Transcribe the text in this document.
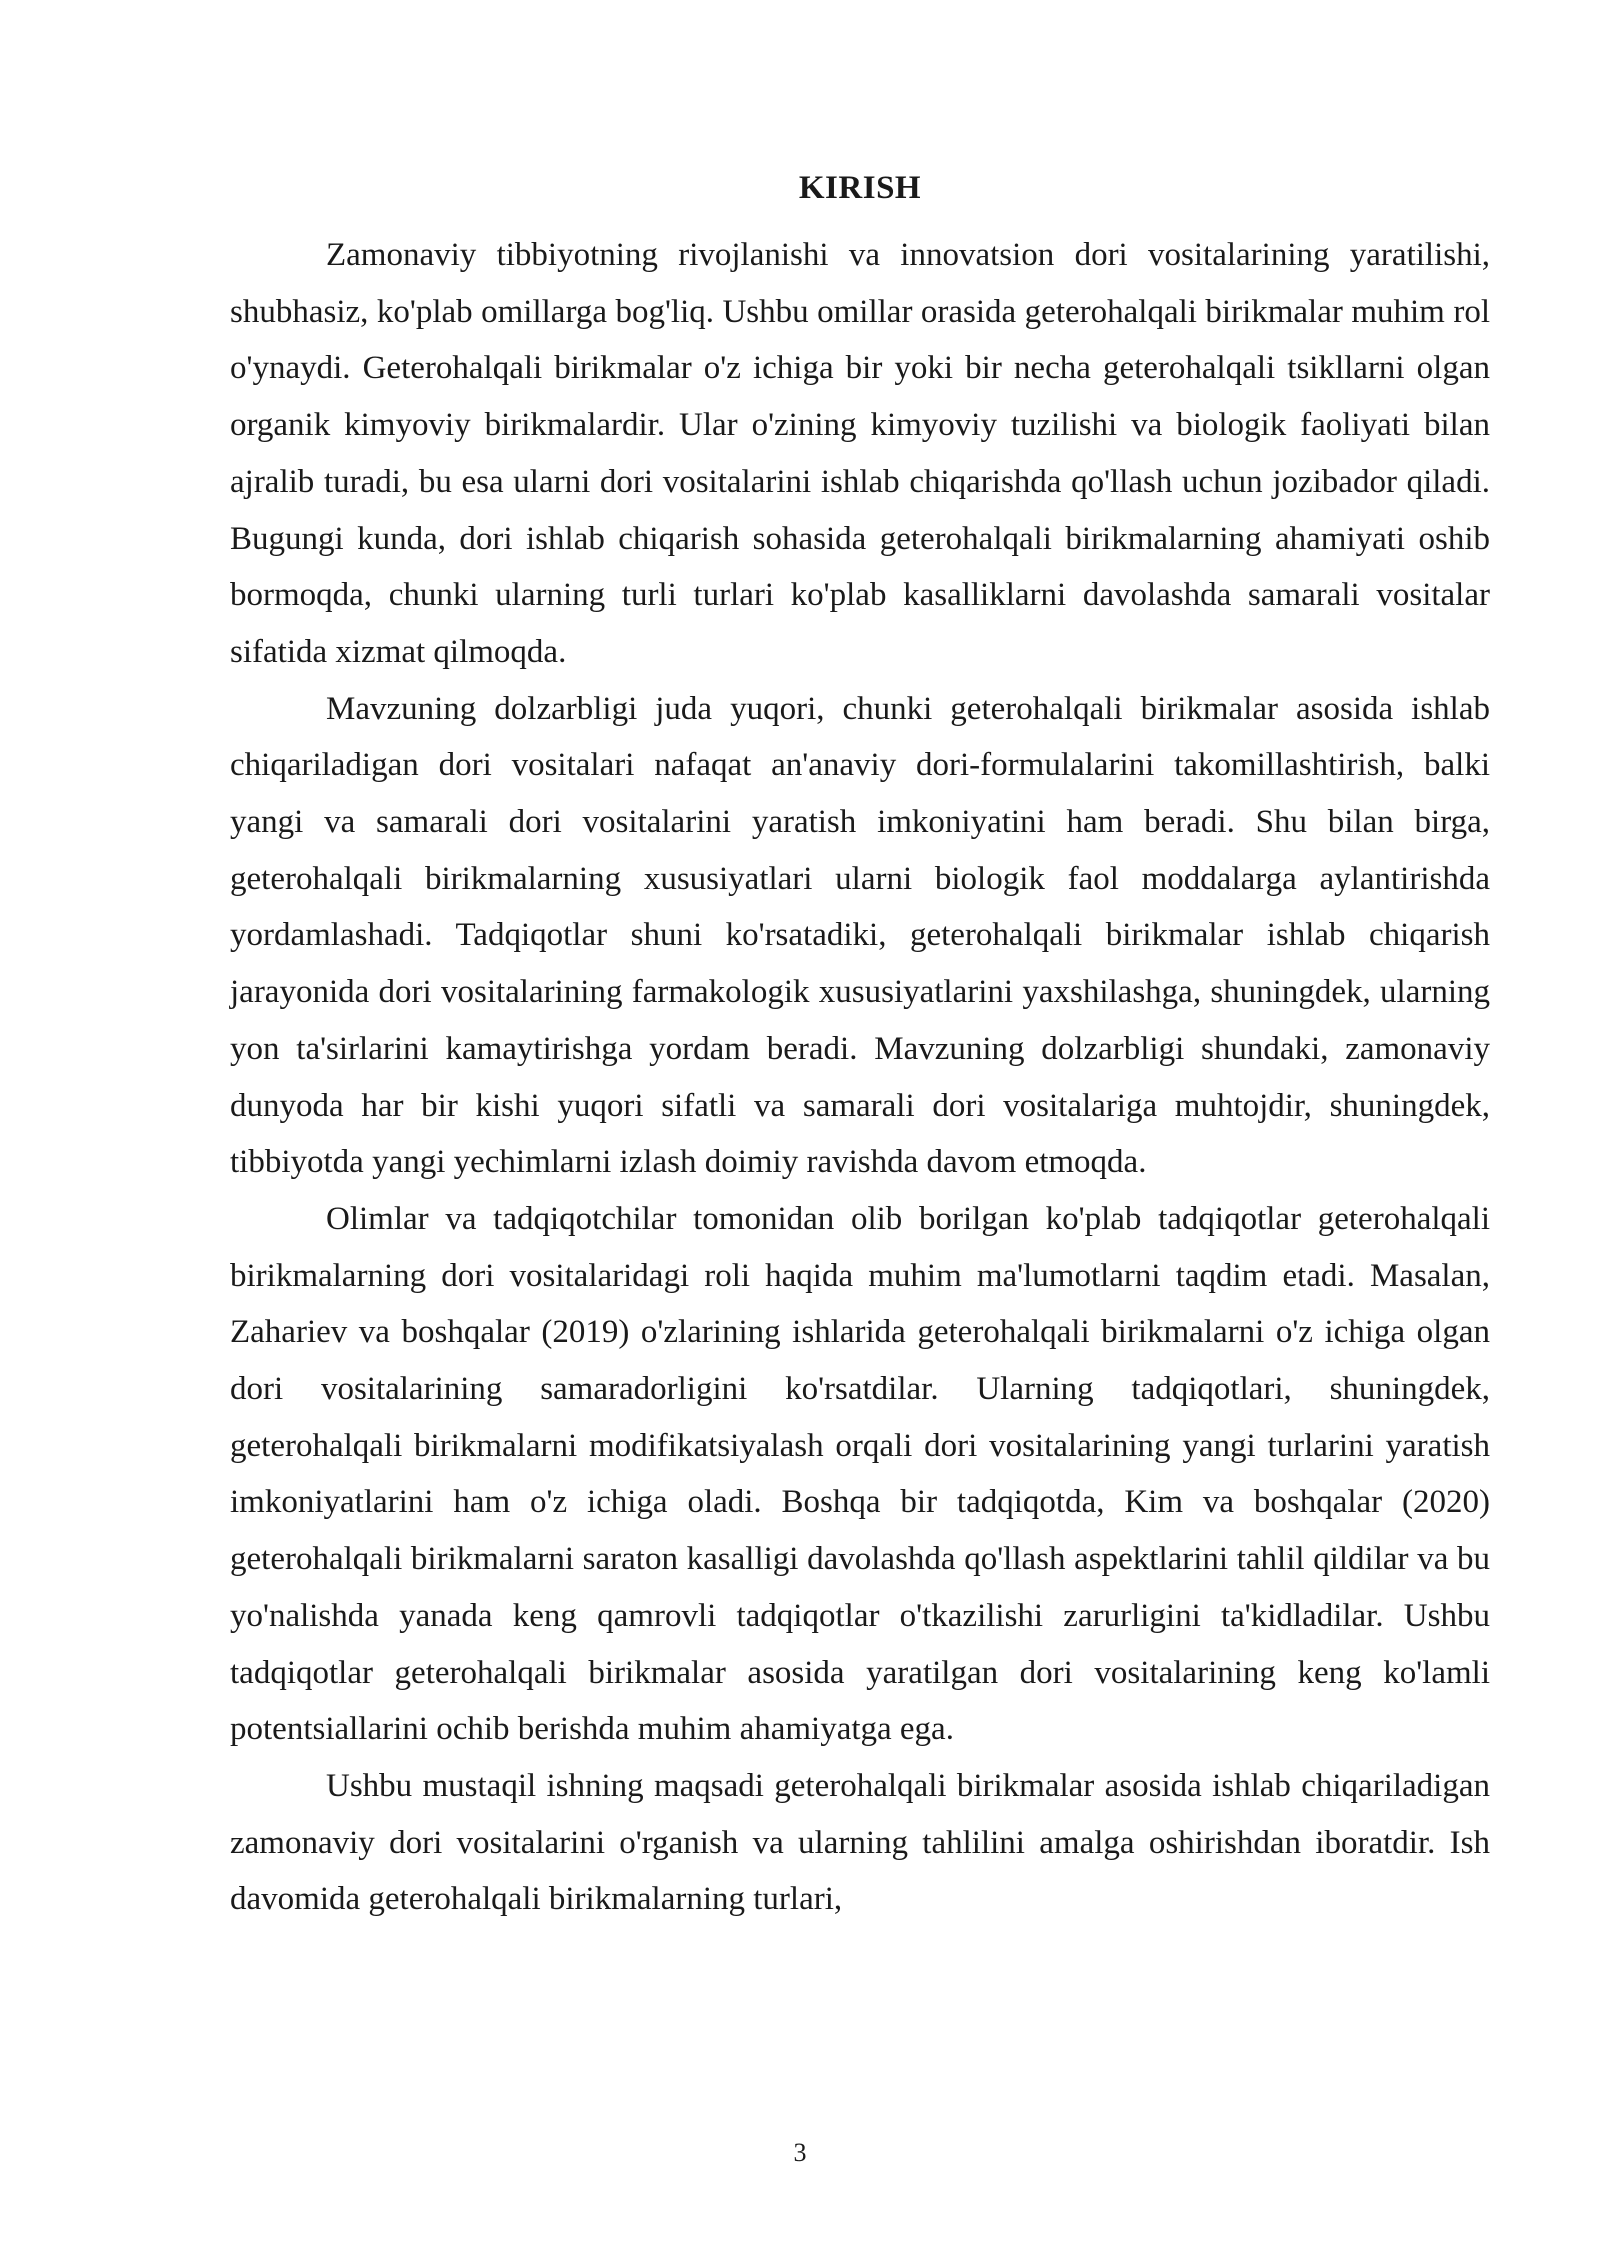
KIRISH

Zamonaviy tibbiyotning rivojlanishi va innovatsion dori vositalarining yaratilishi, shubhasiz, ko'plab omillarga bog'liq. Ushbu omillar orasida geterohalqali birikmalar muhim rol o'ynaydi. Geterohalqali birikmalar o'z ichiga bir yoki bir necha geterohalqali tsikllarni olgan organik kimyoviy birikmalardir. Ular o'zining kimyoviy tuzilishi va biologik faoliyati bilan ajralib turadi, bu esa ularni dori vositalarini ishlab chiqarishda qo'llash uchun jozibador qiladi. Bugungi kunda, dori ishlab chiqarish sohasida geterohalqali birikmalarning ahamiyati oshib bormoqda, chunki ularning turli turlari ko'plab kasalliklarni davolashda samarali vositalar sifatida xizmat qilmoqda.

Mavzuning dolzarbligi juda yuqori, chunki geterohalqali birikmalar asosida ishlab chiqariladigan dori vositalari nafaqat an'anaviy dori-formulalarini takomillashtirish, balki yangi va samarali dori vositalarini yaratish imkoniyatini ham beradi. Shu bilan birga, geterohalqali birikmalarning xususiyatlari ularni biologik faol moddalarga aylantirishda yordamlashadi. Tadqiqotlar shuni ko'rsatadiki, geterohalqali birikmalar ishlab chiqarish jarayonida dori vositalarining farmakologik xususiyatlarini yaxshilashga, shuningdek, ularning yon ta'sirlarini kamaytirishga yordam beradi. Mavzuning dolzarbligi shundaki, zamonaviy dunyoda har bir kishi yuqori sifatli va samarali dori vositalariga muhtojdir, shuningdek, tibbiyotda yangi yechimlarni izlash doimiy ravishda davom etmoqda.

Olimlar va tadqiqotchilar tomonidan olib borilgan ko'plab tadqiqotlar geterohalqali birikmalarning dori vositalaridagi roli haqida muhim ma'lumotlarni taqdim etadi. Masalan, Zahariev va boshqalar (2019) o'zlarining ishlarida geterohalqali birikmalarni o'z ichiga olgan dori vositalarining samaradorligini ko'rsatdilar. Ularning tadqiqotlari, shuningdek, geterohalqali birikmalarni modifikatsiyalash orqali dori vositalarining yangi turlarini yaratish imkoniyatlarini ham o'z ichiga oladi. Boshqa bir tadqiqotda, Kim va boshqalar (2020) geterohalqali birikmalarni saraton kasalligi davolashda qo'llash aspektlarini tahlil qildilar va bu yo'nalishda yanada keng qamrovli tadqiqotlar o'tkazilishi zarurligini ta'kidladilar. Ushbu tadqiqotlar geterohalqali birikmalar asosida yaratilgan dori vositalarining keng ko'lamli potentsiallarini ochib berishda muhim ahamiyatga ega.

Ushbu mustaqil ishning maqsadi geterohalqali birikmalar asosida ishlab chiqariladigan zamonaviy dori vositalarini o'rganish va ularning tahlilini amalga oshirishdan iboratdir. Ish davomida geterohalqali birikmalarning turlari,

3
